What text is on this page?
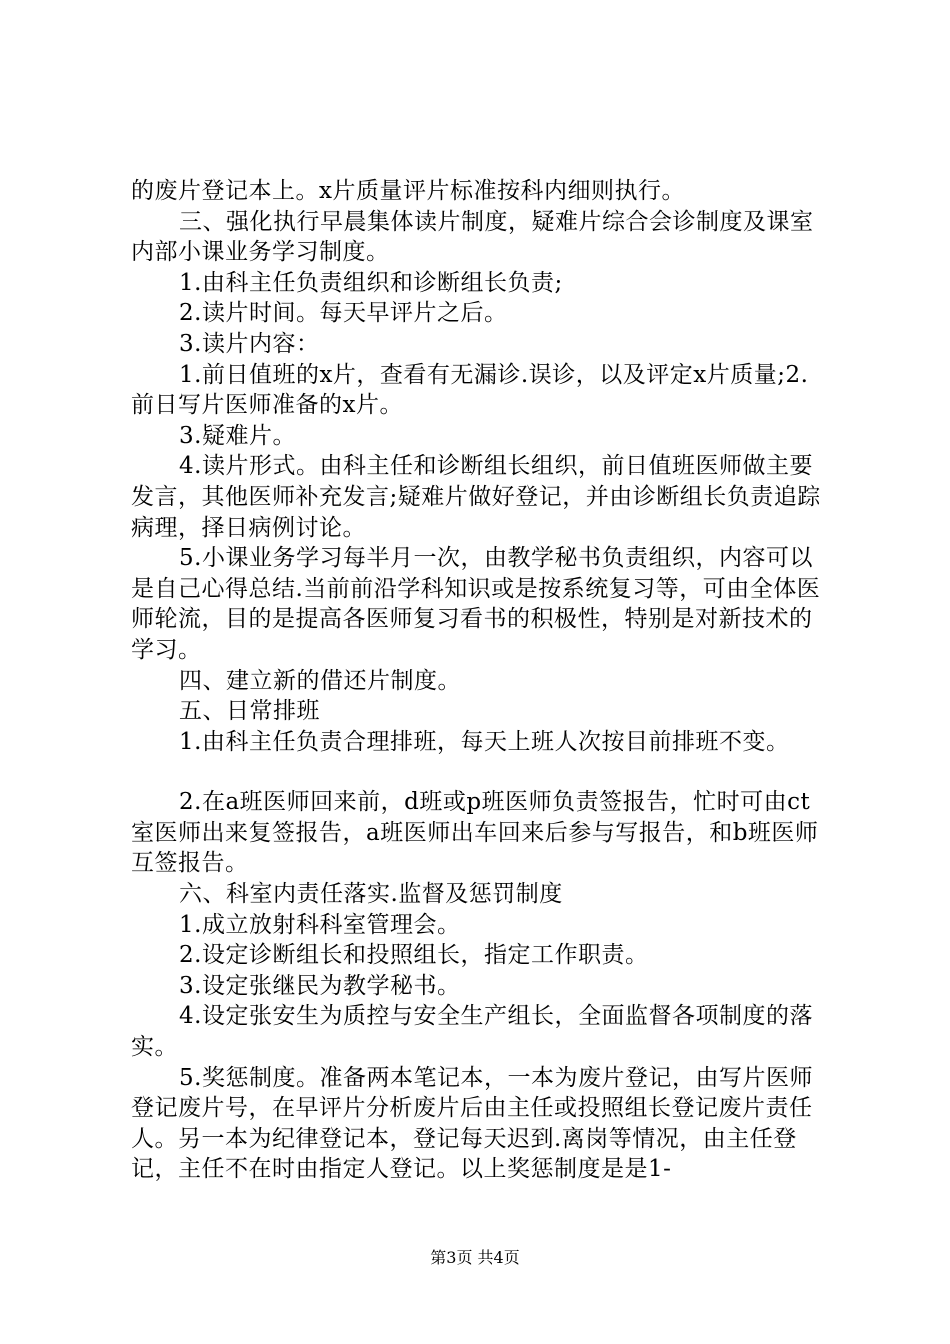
的废片登记本上。x片质量评片标准按科内细则执行。

三、强化执行早晨集体读片制度，疑难片综合会诊制度及课室内部小课业务学习制度。

1.由科主任负责组织和诊断组长负责;

2.读片时间。每天早评片之后。

3.读片内容：

1.前日值班的x片，查看有无漏诊.误诊，以及评定x片质量;2.前日写片医师准备的x片。

3.疑难片。

4.读片形式。由科主任和诊断组长组织，前日值班医师做主要发言，其他医师补充发言;疑难片做好登记，并由诊断组长负责追踪病理，择日病例讨论。

5.小课业务学习每半月一次，由教学秘书负责组织，内容可以是自己心得总结.当前前沿学科知识或是按系统复习等，可由全体医师轮流，目的是提高各医师复习看书的积极性，特别是对新技术的学习。

四、建立新的借还片制度。

五、日常排班

1.由科主任负责合理排班，每天上班人次按目前排班不变。

2.在a班医师回来前，d班或p班医师负责签报告，忙时可由ct室医师出来复签报告，a班医师出车回来后参与写报告，和b班医师互签报告。

六、科室内责任落实.监督及惩罚制度

1.成立放射科科室管理会。

2.设定诊断组长和投照组长，指定工作职责。

3.设定张继民为教学秘书。

4.设定张安生为质控与安全生产组长，全面监督各项制度的落实。

5.奖惩制度。准备两本笔记本，一本为废片登记，由写片医师登记废片号，在早评片分析废片后由主任或投照组长登记废片责任人。另一本为纪律登记本，登记每天迟到.离岗等情况，由主任登记，主任不在时由指定人登记。以上奖惩制度是是1-

第3页 共4页
